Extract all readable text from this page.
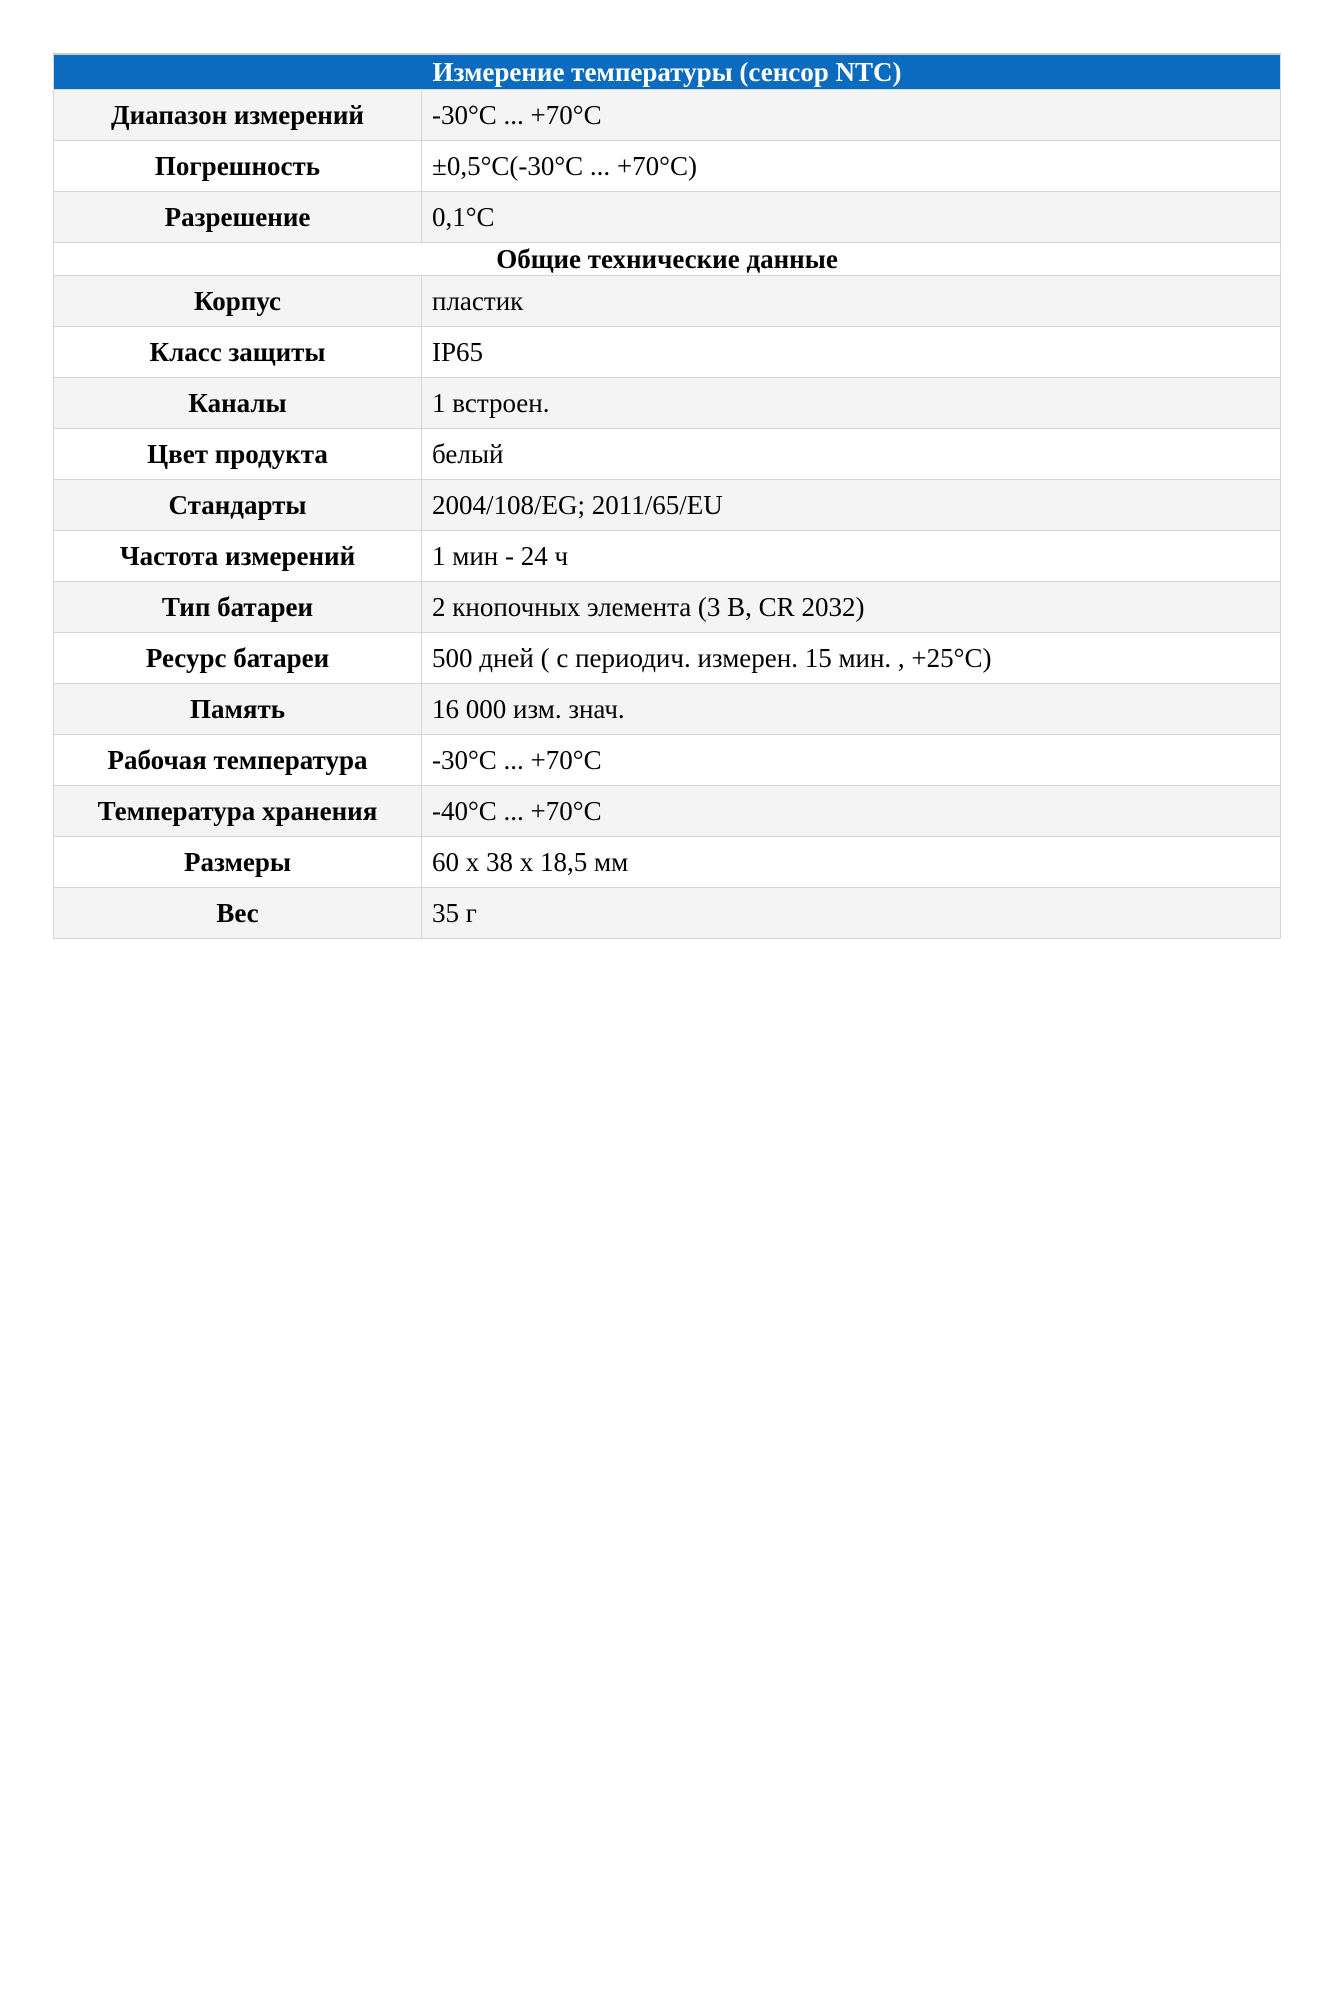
Измерение температуры (сенсор NTC)	
Диапазон измерений	-30°C ... +70°C
Погрешность	±0,5°C(-30°C ... +70°C)
Разрешение	0,1°C
Общие технические данные	
Корпус	пластик
Класс защиты	IP65
Каналы	1 встроен.
Цвет продукта	белый
Стандарты	2004/108/EG; 2011/65/EU
Частота измерений	1 мин - 24 ч
Тип батареи	2 кнопочных элемента (3 В, CR 2032)
Ресурс батареи	500 дней ( с периодич. измерен. 15 мин. , +25°C)
Память	16 000 изм. знач.
Рабочая температура	-30°C ... +70°C
Температура хранения	-40°C ... +70°C
Размеры	60 x 38 x 18,5 мм
Вес	35 г
